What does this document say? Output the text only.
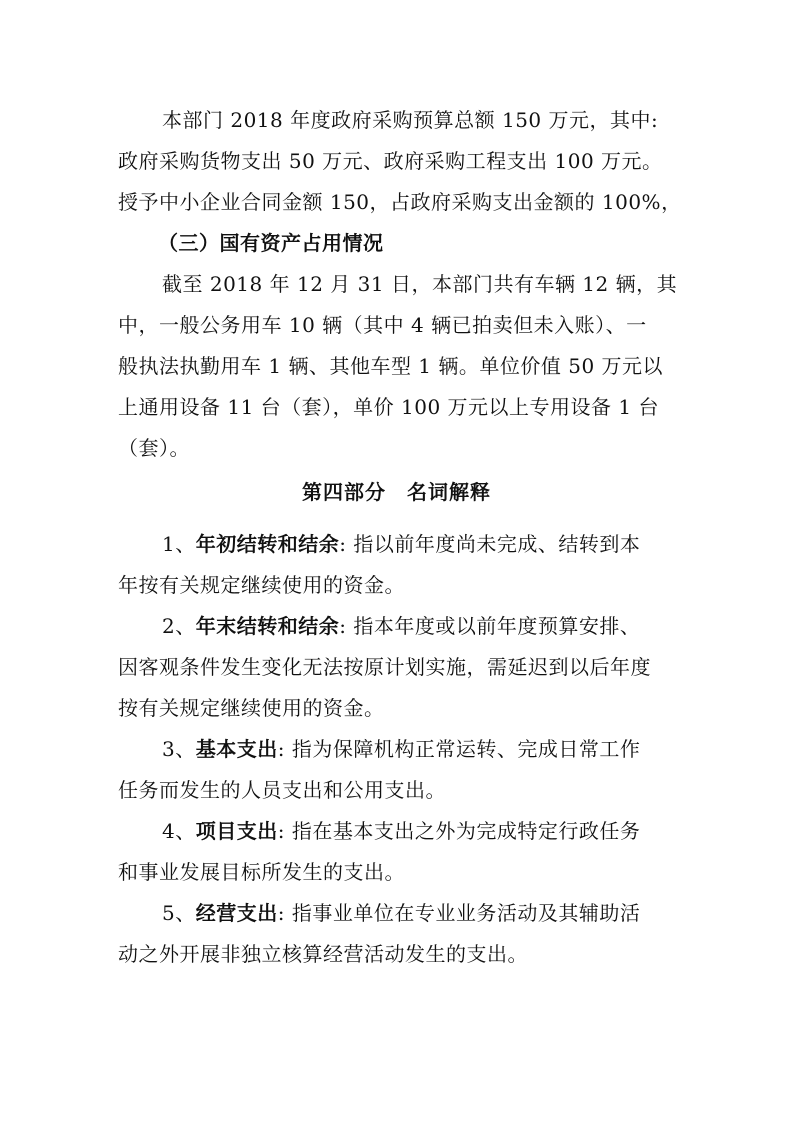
本部门 2018 年度政府采购预算总额 150 万元，其中:
政府采购货物支出 50 万元、政府采购工程支出 100 万元。
授予中小企业合同金额 150，占政府采购支出金额的 100%，
（三）国有资产占用情况
截至 2018 年 12 月 31 日，本部门共有车辆 12 辆，其
中，一般公务用车 10 辆（其中 4 辆已拍卖但未入账）、一
般执法执勤用车 1 辆、其他车型 1 辆。单位价值 50 万元以
上通用设备 11 台（套），单价 100 万元以上专用设备 1 台
（套）。
第四部分　名词解释
1、年初结转和结余: 指以前年度尚未完成、结转到本
年按有关规定继续使用的资金。
2、年末结转和结余: 指本年度或以前年度预算安排、
因客观条件发生变化无法按原计划实施，需延迟到以后年度
按有关规定继续使用的资金。
3、基本支出: 指为保障机构正常运转、完成日常工作
任务而发生的人员支出和公用支出。
4、项目支出: 指在基本支出之外为完成特定行政任务
和事业发展目标所发生的支出。
5、经营支出: 指事业单位在专业业务活动及其辅助活
动之外开展非独立核算经营活动发生的支出。
